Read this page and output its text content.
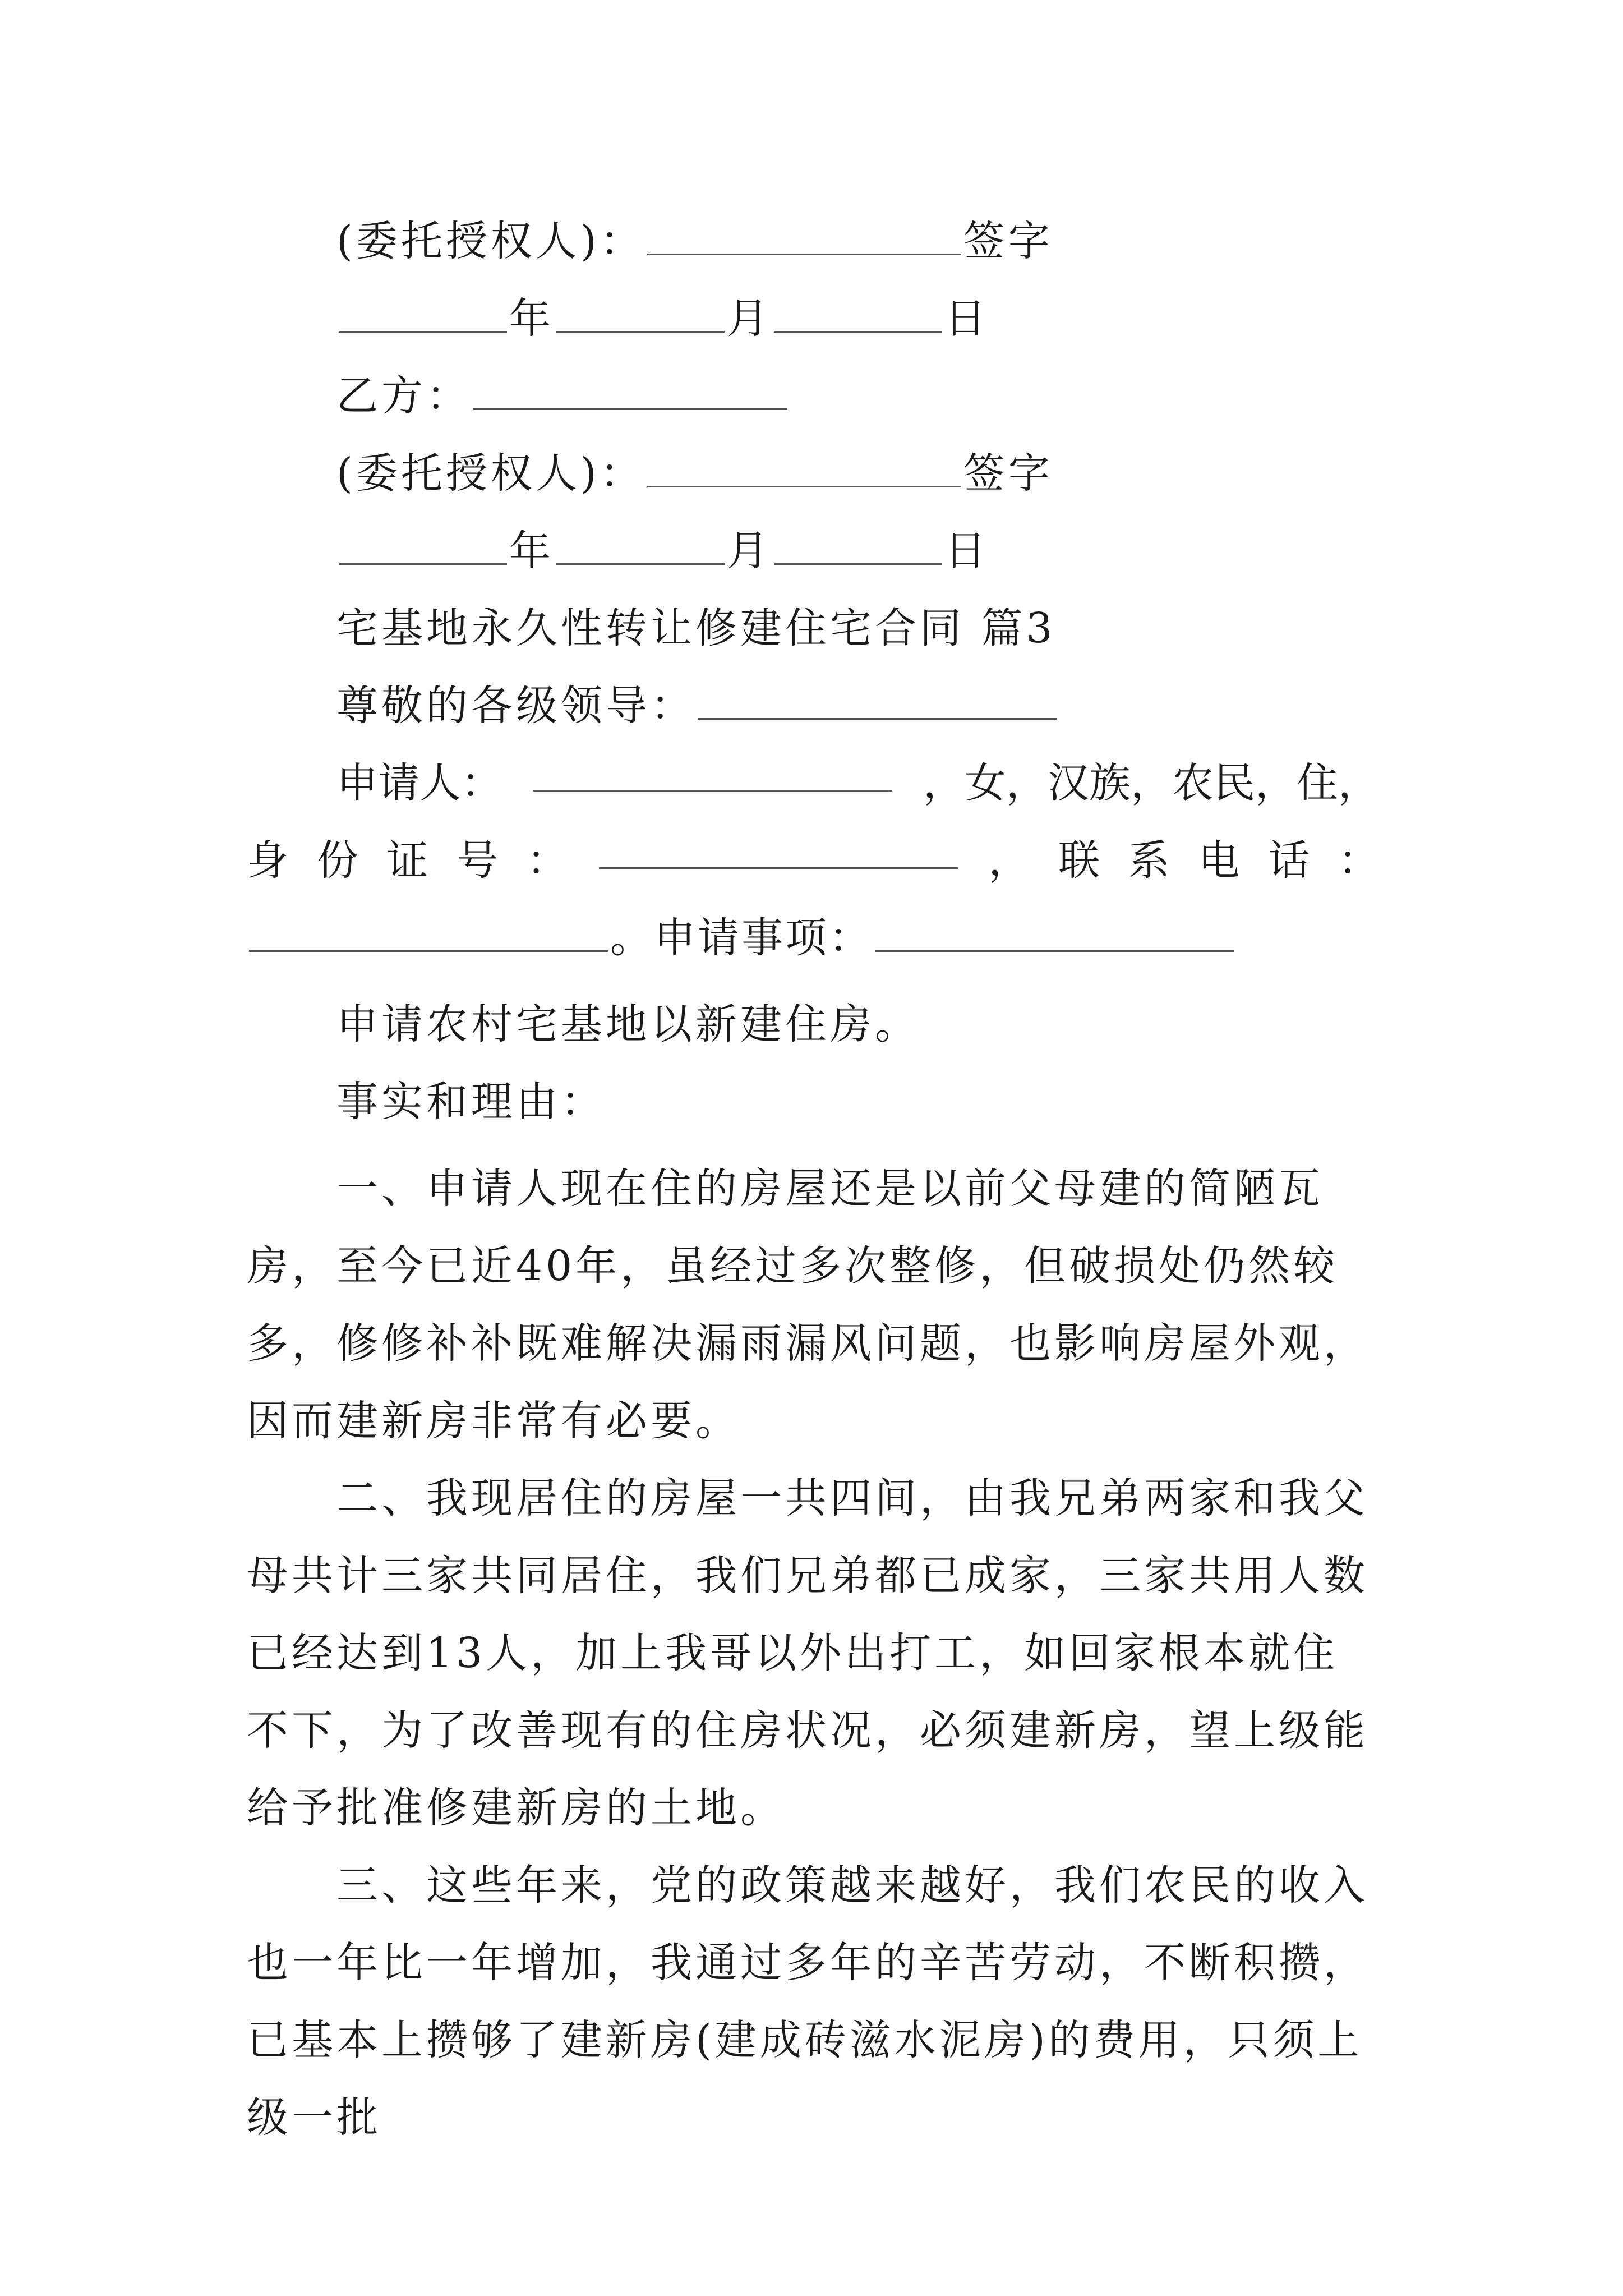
(委托授权人)：	签字
年	月	日
乙方：
(委托授权人)：	签字
年	月	日
宅基地永久性转让修建住宅合同 篇3
尊敬的各级领导：
申请人：	，女，汉族，农民，住，
身 份 证 号 ：	， 联 系 电 话 ：
。申请事项：
申请农村宅基地以新建住房。
事实和理由：

一、申请人现在住的房屋还是以前父母建的简陋瓦房，至今已近40年，虽经过多次整修，但破损处仍然较多，修修补补既难解决漏雨漏风问题，也影响房屋外观，因而建新房非常有必要。

二、我现居住的房屋一共四间，由我兄弟两家和我父母共计三家共同居住，我们兄弟都已成家，三家共用人数已经达到13人，加上我哥以外出打工，如回家根本就住不下，为了改善现有的住房状况，必须建新房，望上级能给予批准修建新房的土地。

三、这些年来，党的政策越来越好，我们农民的收入也一年比一年增加，我通过多年的辛苦劳动，不断积攒，已基本上攒够了建新房(建成砖滋水泥房)的费用，只须上级一批
